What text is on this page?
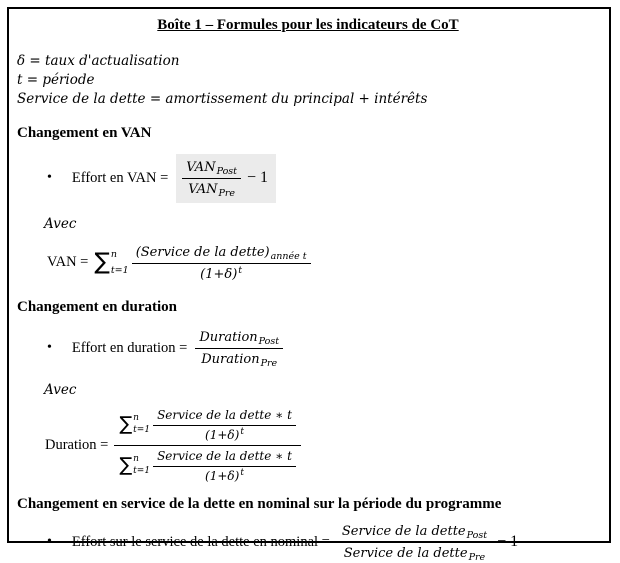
Boîte 1 – Formules pour les indicateurs de CoT
δ = taux d'actualisation
t = période
Service de la dette = amortissement du principal + intérêts
Changement en VAN
• Effort en VAN = $\frac{VAN_{Post}}{VAN_{Pre}} - 1$
Avec
VAN = ∑ n
$t=1 \frac{(Service de la dette)_{année t}}{(1+\delta)^t}$
Changement en duration
• Effort en duration = $\frac{Duration_{Post}}{Duration_{Pre}}$
Avec
Duration =
∑ n
$t=1 \frac{\text{Service de la dette ∗ t}}{(1+\delta)^t}$
∑ n
$t=1 \frac{\text{Service de la dette ∗ t}}{(1+\delta)^t}$
Changement en service de la dette en nominal sur la période du programme
• Effort sur le service de la dette en nominal = $\frac{Service de la dette_{Post}}{Service de la dette_{Pre}} - 1$
